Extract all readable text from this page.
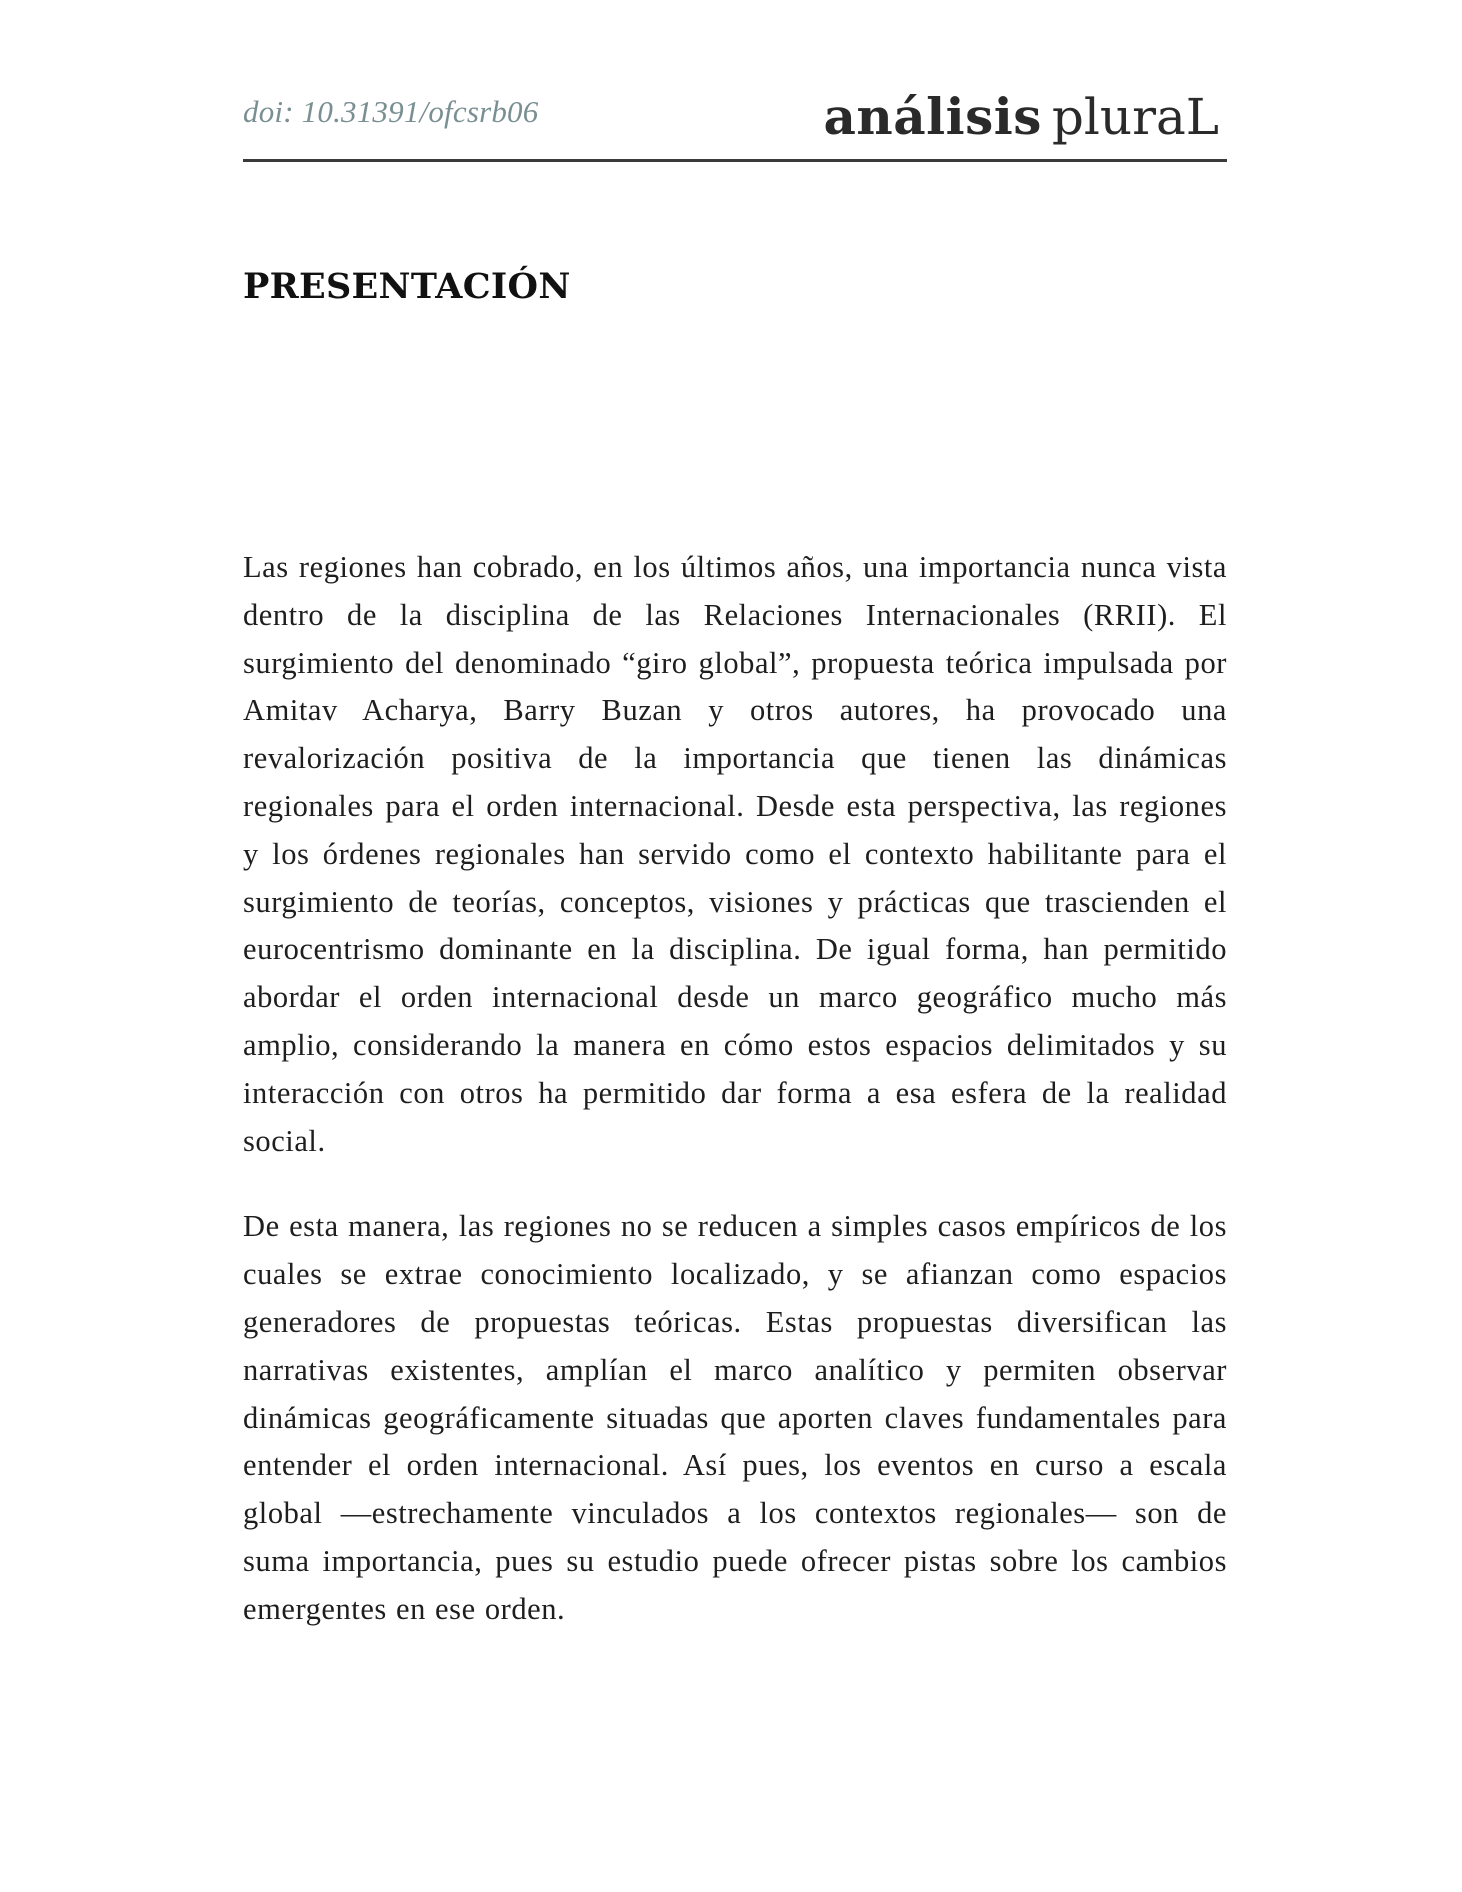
doi: 10.31391/ofcsrb06	análisis pluraL
PRESENTACIÓN

Las regiones han cobrado, en los últimos años, una importancia nunca vista dentro de la disciplina de las Relaciones Internacionales (RRII). El surgimiento del denominado “giro global”, propuesta teórica impulsada por Amitav Acharya, Barry Buzan y otros autores, ha provocado una revalorización positiva de la importancia que tienen las dinámicas regionales para el orden internacional. Desde esta perspectiva, las regiones y los órdenes regionales han servido como el contexto habilitante para el surgimiento de teorías, conceptos, visiones y prácticas que trascienden el eurocentrismo dominante en la disciplina. De igual forma, han permitido abordar el orden internacional desde un marco geográfico mucho más amplio, considerando la manera en cómo estos espacios delimitados y su interacción con otros ha permitido dar forma a esa esfera de la realidad social.

De esta manera, las regiones no se reducen a simples casos empíricos de los cuales se extrae conocimiento localizado, y se afianzan como espacios generadores de propuestas teóricas. Estas propuestas diversifican las narrativas existentes, amplían el marco analítico y permiten observar dinámicas geográficamente situadas que aporten claves fundamentales para entender el orden internacional. Así pues, los eventos en curso a escala global —estrechamente vinculados a los contextos regionales— son de suma importancia, pues su estudio puede ofrecer pistas sobre los cambios emergentes en ese orden.
